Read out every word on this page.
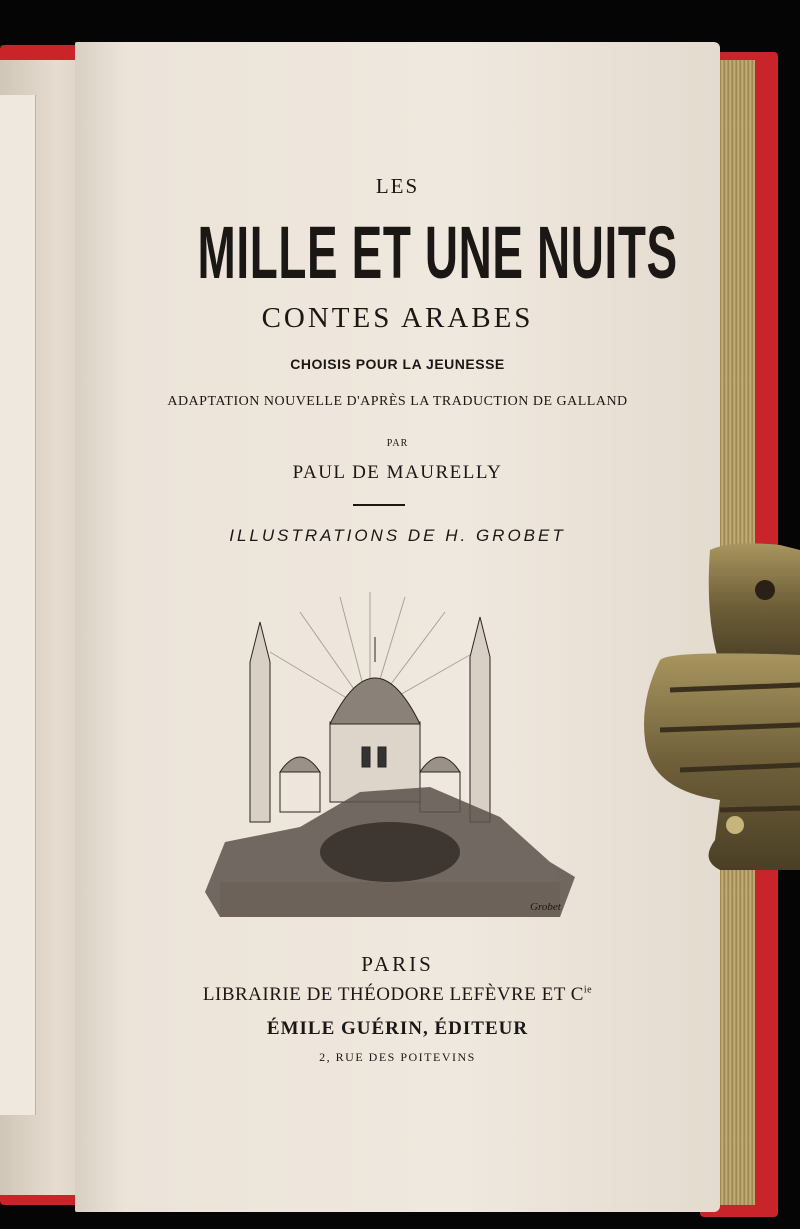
LES
MILLE ET UNE NUITS
CONTES ARABES
CHOISIS POUR LA JEUNESSE
ADAPTATION NOUVELLE D'APRÈS LA TRADUCTION DE GALLAND
PAR
PAUL DE MAURELLY
ILLUSTRATIONS DE H. GROBET
Grobet
PARIS
LIBRAIRIE DE THÉODORE LEFÈVRE ET $C^{ie}$
ÉMILE GUÉRIN, ÉDITEUR
2, RUE DES POITEVINS
